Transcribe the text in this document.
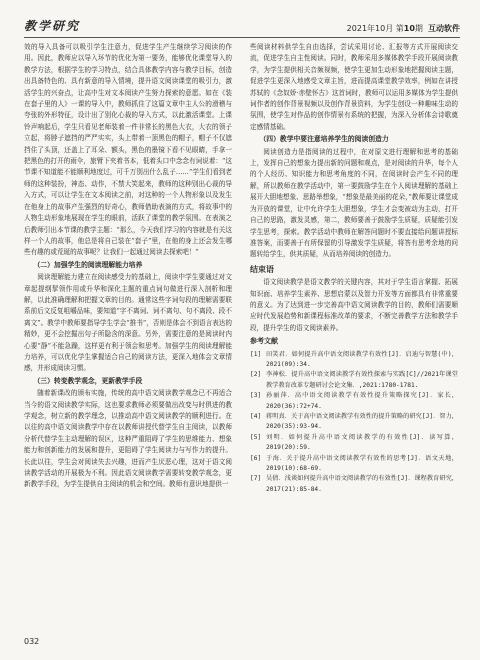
教学研究	2021年10月 第10期 互动软件

效的导入具备可以吸引学生注意力，促进学生产生继续学习阅读的作用。因此，教师应以导入环节的优化为第一要务，能够优化课堂导入的教学方法，根据学生的学习特点，结合具体教学内容与教学目标，创造出具备特色的、具有新意的导入情境，提升语文阅读课堂的吸引力，激活学生的兴奋点，让高中生对文本阅读产生努力探索的意愿。如在《装在套子里的人》一课的导入中，教师抓住了这篇文章中主人公的滑稽与夸张的外形特征，设计出了别化心裁的导入方式，以此激活课堂。上课铃声响起后，学生只看见老师装着一件非常长的黑色大衣，大衣的领子立起，将脖子遮挡的严严实实，头上带着一顶黑色的帽子，帽子不仅遮挡住了头顶，还盖上了耳朵、额头，黑色的墨镜下看不见眼睛，手拿一把黑色的打开的雨伞，旅臂下夹着书本，低着头口中念念有词说着：“这节课不知道能不能顺利地度过，可千万别出什么乱子……”学生们看到老师的这种装扮，神态、动作，不禁大笑起来，教师的这种别出心裁的导入方式，可以让学生在文本阅读之前，对这种的一个人物形象以及发生在他身上的故事产生强烈的好奇心，教师借助表演的方式，将故事中的人物生动形象地展现在学生的眼前，活跃了课堂的教学氛围。在表演之后教师引出本节课的教学主题：“那么，今天我们学习的内容就是有关这样一个人的故事，他总是将自己装在“套子”里，在他的身上还会发生哪些有趣的或荒诞的故事呢？让我们一起通过阅读去探索吧！”

（二）加强学生的阅读理解能力培养

阅读理解能力建立在阅读感受力的基础上，阅读中学生要通过对文章起提纲挈领作用或升华和深化主题的重点词句做进行深入剖析和理解，以此准确理解和把握文章的目的。通常这些字词句段的理解需要联系前后文反复咀嚼品味，要知道“字不离词、词不离句、句不离段、段不离文”。教学中教师要指导学生学会“推书”，否则是体会不到语言表达的精妙，更不会挖掘出句子所隐含的深意。另外，需要注意的是阅读时内心要“静”不能急躁，这样更有利于领会和思考。加强学生的阅读理解能力培养，可以优化学生掌握适合自己的阅读方法，更深入地体会文章情感，并形成阅读习惯。

（三）转变教学观念，更新教学手段

随着新课改的颁布实施，传统的高中语文阅读教学观念已不再适合当今的语文阅读教学实际，这也要求教师必须要做出改变与时俱进的教学观念，树立新的教学理念，以推动高中语文阅读教学的顺利进行。在以往的高中语文阅读教学中存在以教师讲授代替学生自主阅读，以教师分析代替学生主动理解的误区，这种严重阻碍了学生的思维能力、想象能力和创新能力的发展和提升，更阻碍了学生阅读力与写作力的提升。长此以往，学生会对阅读失去兴趣，进而产生厌恶心理，这对于语文阅读教学活动的开展极为不利。因此语文阅读教学需要转变教学观念，更新教学手段，为学生提供自主阅读的机会和空间。教师有意识地提供一

些阅读材料供学生自由选择，尝试采用讨论、汇报等方式开展阅读交流，促进学生自主性阅读。同时，教师采用多媒体教学手段开展阅读教学，为学生提供相关音频视频，使学生更加生动形象地把握阅读主题，促进学生更深入地感受文章主旨，进而提高课堂教学效率，例如在讲授苏轼的《念奴娇·赤壁怀古》这首词时，教师可以运用多媒体为学生提供词作者的创作背景视频以及创作背景资料，为学生创设一种趣味生动的氛围，使学生对作品的创作情景有系统的把握，为深入分析体会诗歌奠定感情基础。

（四）教学中要注意培养学生的阅读创造力

阅读创造力是指阅读的过程中，在对原文进行理解和思考的基础上，发挥自己的想象力提出新的问题和观点，是对阅读的升华，每个人的个人经历、知识能力和思考角度的不同，在阅读时会产生不同的理解，所以教师在教学活动中，第一要鼓励学生在个人阅读理解的基础上展开大胆地想象、思路举想象，“想象是最美丽的花朵，”教师要让课堂成为开放的课堂，让中允许学生大胆想象，学生才会变被动为主动，打开自己的思路，激发灵感，第二，教师要善于鼓励学生质疑，质疑能引发学生思考，探索。教学活动中教师在解答问题时不要直接给问题讲授标准答案，而要善于有所保留的引导激发学生质疑，将答有思考余地的问题转给学生，供其质疑，从而培养阅读的创造力。

结束语

语文阅读教学是语文教学的关键内容，其对于学生语言掌握、拓展知识面、培养学生素养、思想启蒙以及智力开发等方面都具有非常重要的意义。为了达到进一步完善高中语文阅读教学的目的，教师们需要顺应时代发展趋势和新课程标准改革的要求，不断完善教学方法和教学手段，提升学生的语文阅读素养。

参考文献
[1] 田笑君．如何提升高中语文阅读教学有效性[J]．启迪与智慧(中)，2021(09):34.
[2] 李神松．提升高中语文阅读教学有效性探索与实践[C]//2021年课堂教学教育改革专题研讨会论文集．,2021:1780-1781.
[3] 孙丽萍．高中语文阅读教学有效性提升策略探究[J]．家长，2020(36):72+74.
[4] 蒋明真．关于高中语文阅读教学有效性的提升策略的研究[J]．智力，2020(35):93-94.
[5] 刘明．如何提升高中语文阅读教学的有效性[J]．读写算，2019(20):59.
[6] 于海．关于提升高中语文阅读教学有效性的思考[J]．语文天地，2019(10):68-69.
[7] 吴倩．浅谈如何提升高中语文阅读教学的有效性[J]．课程教育研究，2017(21):85-84.
032
